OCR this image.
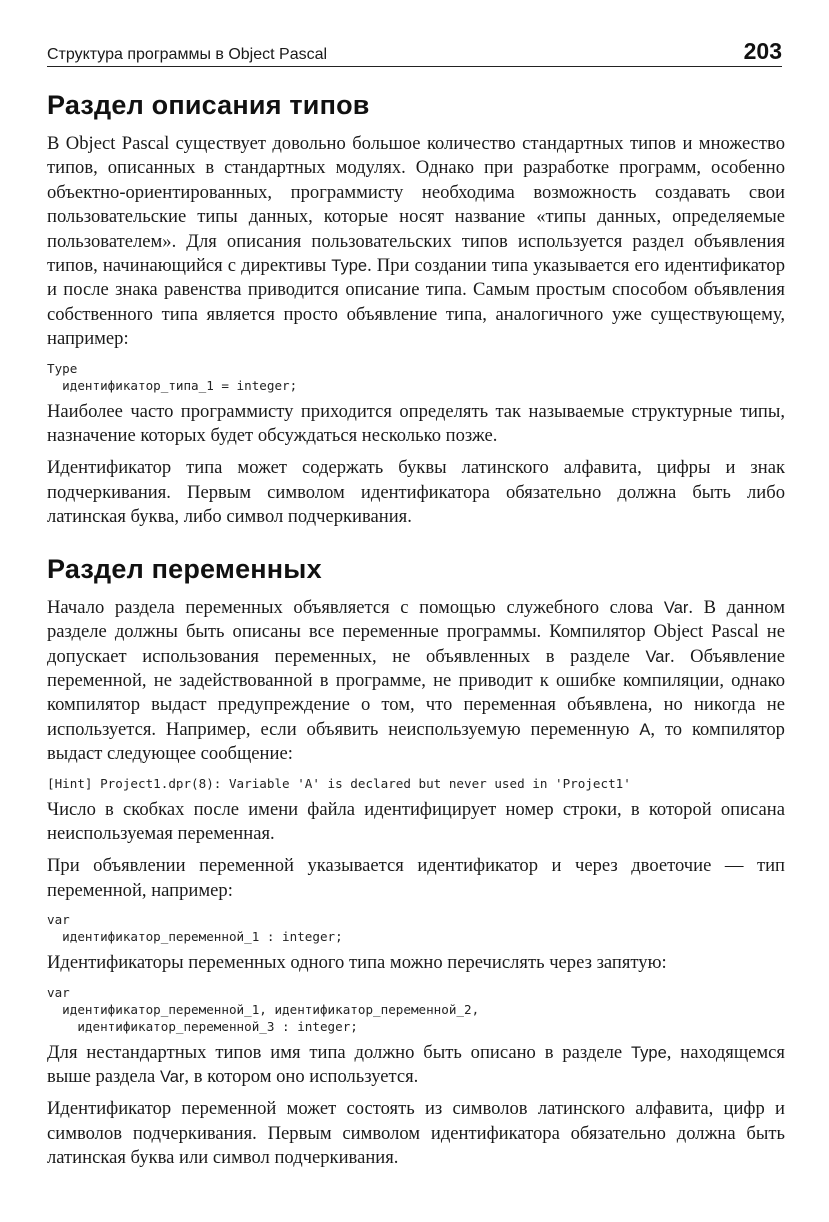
Структура программы в Object Pascal	203
Раздел описания типов

В Object Pascal существует довольно большое количество стандартных типов и множество типов, описанных в стандартных модулях. Однако при разработке программ, особенно объектно-ориентированных, программисту необходима возможность создавать свои пользовательские типы данных, которые носят название «типы данных, определяемые пользователем». Для описания пользовательских типов используется раздел объявления типов, начинающийся с директивы Type. При создании типа указывается его идентификатор и после знака равенства приводится описание типа. Самым простым способом объявления собственного типа является просто объявление типа, аналогичного уже существующему, например:

Type
идентификатор_типа_1 = integer;

Наиболее часто программисту приходится определять так называемые структурные типы, назначение которых будет обсуждаться несколько позже.

Идентификатор типа может содержать буквы латинского алфавита, цифры и знак подчеркивания. Первым символом идентификатора обязательно должна быть либо латинская буква, либо символ подчеркивания.

Раздел переменных

Начало раздела переменных объявляется с помощью служебного слова Var. В данном разделе должны быть описаны все переменные программы. Компилятор Object Pascal не допускает использования переменных, не объявленных в разделе Var. Объявление переменной, не задействованной в программе, не приводит к ошибке компиляции, однако компилятор выдаст предупреждение о том, что переменная объявлена, но никогда не используется. Например, если объявить неиспользуемую переменную A, то компилятор выдаст следующее сообщение:

[Hint] Project1.dpr(8): Variable 'A' is declared but never used in 'Project1'

Число в скобках после имени файла идентифицирует номер строки, в которой описана неиспользуемая переменная.

При объявлении переменной указывается идентификатор и через двоеточие — тип переменной, например:

var
идентификатор_переменной_1 : integer;

Идентификаторы переменных одного типа можно перечислять через запятую:

var
идентификатор_переменной_1, идентификатор_переменной_2,
идентификатор_переменной_3 : integer;

Для нестандартных типов имя типа должно быть описано в разделе Type, находящемся выше раздела Var, в котором оно используется.

Идентификатор переменной может состоять из символов латинского алфавита, цифр и символов подчеркивания. Первым символом идентификатора обязательно должна быть латинская буква или символ подчеркивания.
